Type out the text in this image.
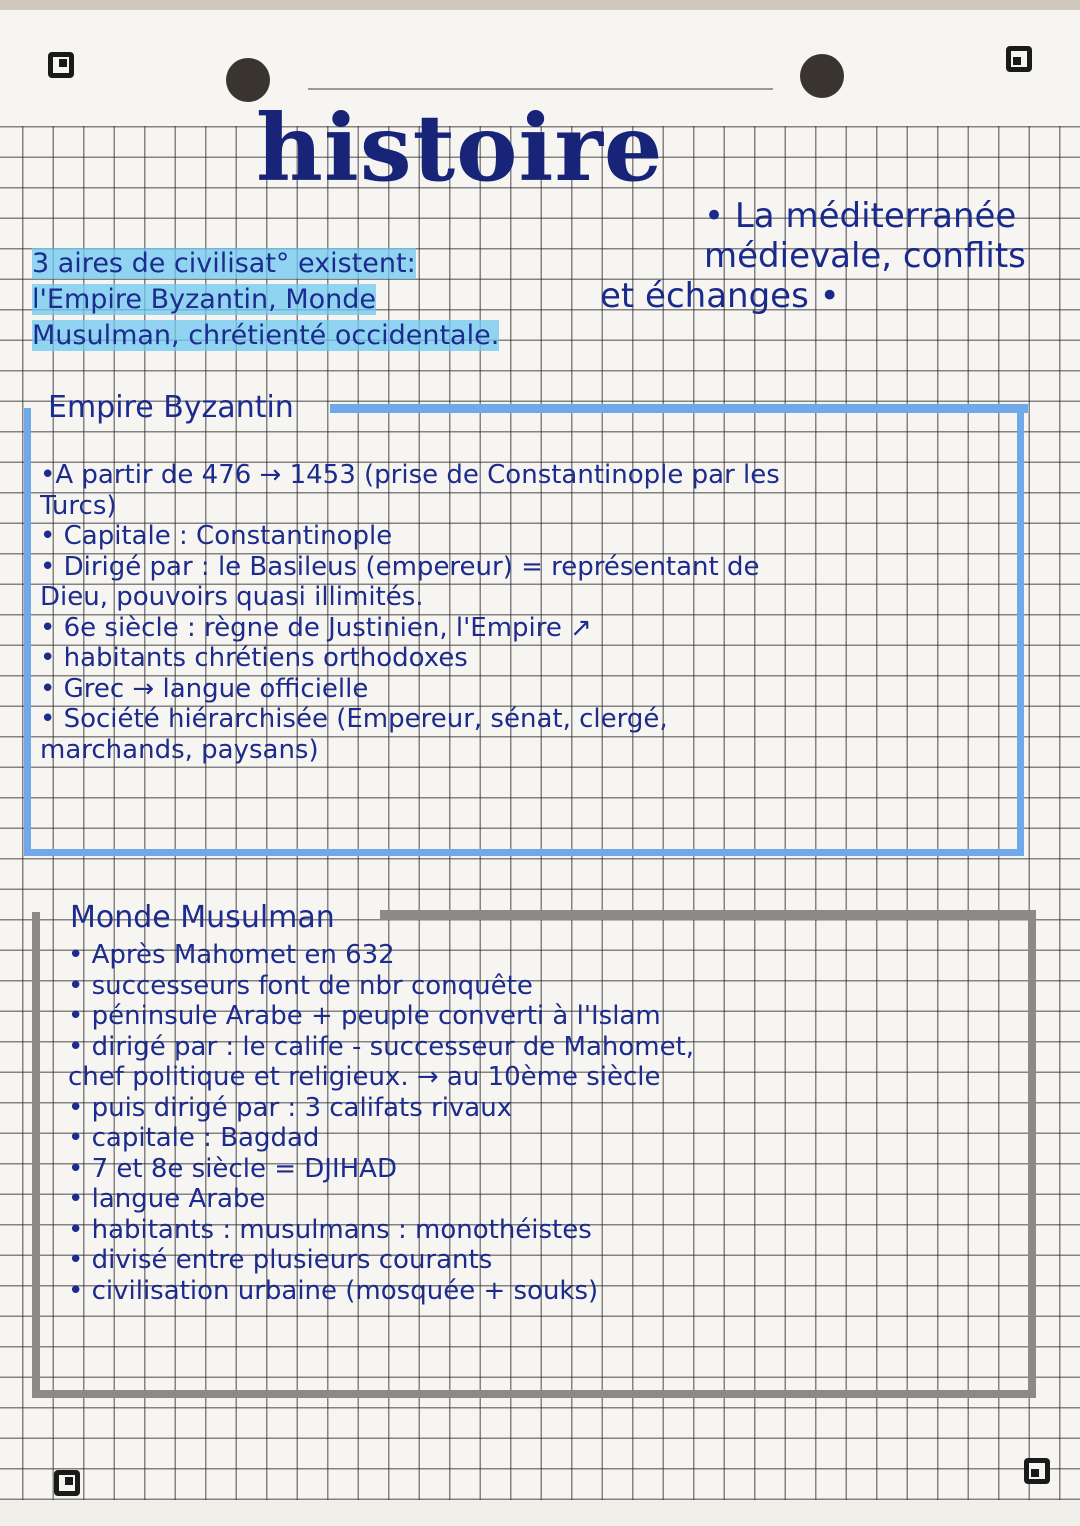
histoire
• La méditerranée
médievale, conflits
et échanges •
3 aires de civilisat° existent:
l'Empire Byzantin, Monde
Musulman, chrétienté occidentale.
Empire Byzantin
•A partir de 476 → 1453 (prise de Constantinople par les
Turcs)
• Capitale : Constantinople
• Dirigé par : le Basileus (empereur) = représentant de
Dieu, pouvoirs quasi illimités.
• 6e siècle : règne de Justinien, l'Empire ↗
• habitants chrétiens orthodoxes
• Grec → langue officielle
• Société hiérarchisée (Empereur, sénat, clergé,
marchands, paysans)
Monde Musulman
• Après Mahomet en 632
• successeurs font de nbr conquête
• péninsule Arabe + peuple converti à l'Islam
• dirigé par : le calife - successeur de Mahomet,
chef politique et religieux. → au 10ème siècle
• puis dirigé par : 3 califats rivaux
• capitale : Bagdad
• 7 et 8e siècle = DJIHAD
• langue Arabe
• habitants : musulmans : monothéistes
• divisé entre plusieurs courants
• civilisation urbaine (mosquée + souks)
